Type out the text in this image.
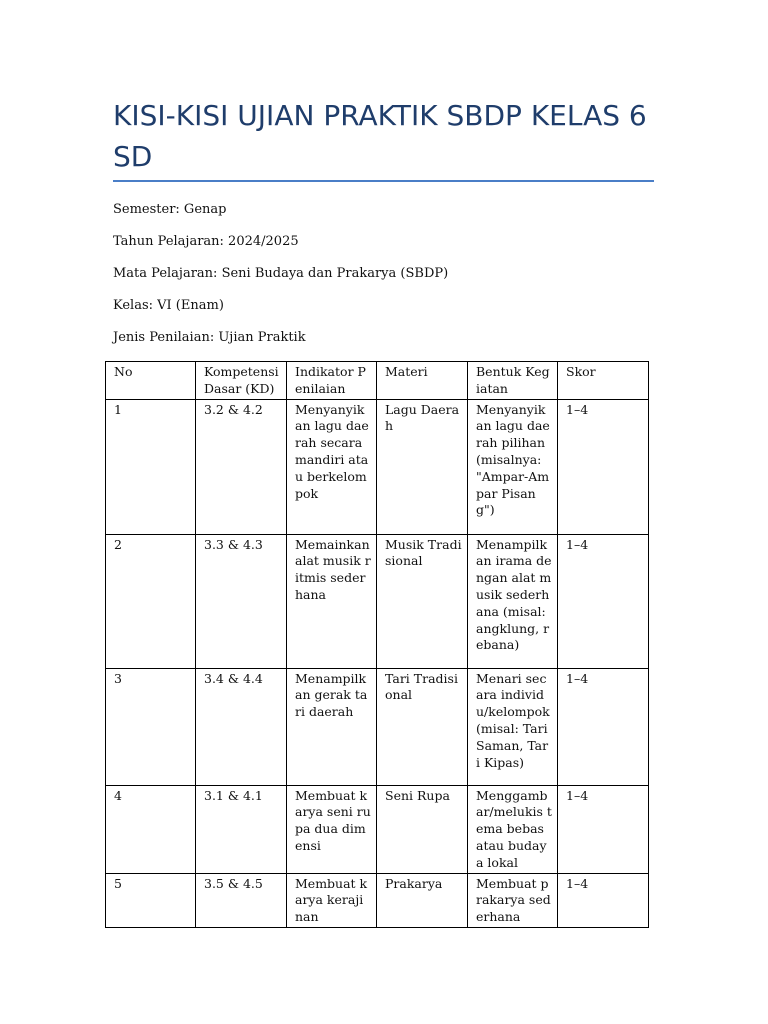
KISI-KISI UJIAN PRAKTIK SBDP KELAS 6 SD

Semester: Genap

Tahun Pelajaran: 2024/2025

Mata Pelajaran: Seni Budaya dan Prakarya (SBDP)

Kelas: VI (Enam)

Jenis Penilaian: Ujian Praktik

No	Kompetensi Dasar (KD)	Indikator Penilaian	Materi	Bentuk Kegiatan	Skor
1	3.2 & 4.2	Menyanyikan lagu daerah secara mandiri atau berkelompok	Lagu Daerah	Menyanyikan lagu daerah pilihan (misalnya: "Ampar-Ampar Pisang")	1–4
2	3.3 & 4.3	Memainkan alat musik ritmis sederhana	Musik Tradisional	Menampilkan irama dengan alat musik sederhana (misal: angklung, rebana)	1–4
3	3.4 & 4.4	Menampilkan gerak tari daerah	Tari Tradisional	Menari secara individu/kelompok (misal: Tari Saman, Tari Kipas)	1–4
4	3.1 & 4.1	Membuat karya seni rupa dua dimensi	Seni Rupa	Menggambar/melukis tema bebas atau budaya lokal	1–4
5	3.5 & 4.5	Membuat karya kerajinan	Prakarya	Membuat prakarya sederhana	1–4
